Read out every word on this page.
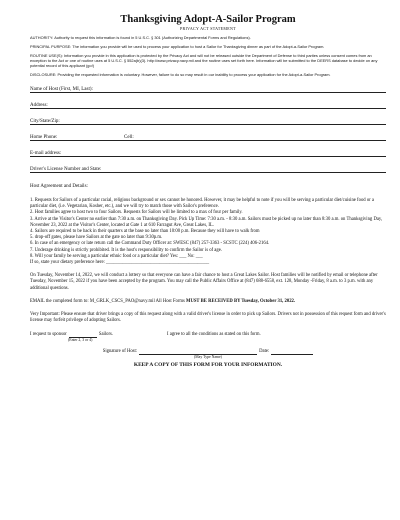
Thanksgiving Adopt-A-Sailor Program
PRIVACY ACT STATEMENT
AUTHORITY: Authority to request this information is found in 5 U.S.C. § 301 (Authorizing Departmental Forms and Regulations).
PRINCIPAL PURPOSE: The information you provide will be used to process your application to host a Sailor for Thanksgiving dinner as part of the Adopt-a-Sailor Program.
ROUTINE USE(S): Information you provide in this application is protected by the Privacy Act and will not be released outside the Department of Defense to third parties unless consent comes from an exception to the Act or one of routine uses at 5 U.S.C. § 552a(b)(3). http://www.privacy.navy.mil and the routine uses set forth here. Information will be submitted to the DEERS database to decide on any potential record of this applicant (go!)
DISCLOSURE: Providing the requested information is voluntary. However, failure to do so may result in our inability to process your application for the Adopt-a-Sailor Program.
Name of Host (First, MI, Last):
Address:
City/State/Zip:
Home Phone:	Cell:
E-mail address:
Driver's License Number and State:
Host Agreement and Details:
1. Requests for Sailors of a particular racial, religious background or sex cannot be honored. However, it may be helpful to note if you will be serving a particular diet/cuisine food or a particular diet, (i.e. Vegetarian, Kosher, etc.), and we will try to match those with Sailor's preference.
2. Host families agree to host two to four Sailors. Requests for Sailors will be limited to a max of four per family.
3. Arrive at the Visitor's Center no earlier than 7:30 a.m. on Thanksgiving Day. Pick Up Time: 7:30 a.m. - 8:30 a.m. Sailors must be picked up no later than 8:30 a.m. on Thanksgiving Day, November 23, 2022 at the Visitor's Center, located at Gate 1 at 610 Farragut Ave, Great Lakes, IL.
4. Sailors are required to be back in their quarters at the base no later than 10:00 p.m. Because they will have to walk from
5. drop-off gates, please have Sailors at the gate no later than 9:30p.m.
6. In case of an emergency or late return call the Command Duty Officer at: SWESC (847) 257-3363 - SCSTC (224) 406-2164.
7. Underage drinking is strictly prohibited. It is the host's responsibility to confirm the Sailor is of age.
8. Will your family be serving a particular ethnic food or a particular diet? Yes: ___ No: ___
If so, state your dietary preference here: ____________________________________________
On Tuesday, November 14, 2022, we will conduct a lottery so that everyone can have a fair chance to host a Great Lakes Sailor. Host families will be notified by email or telephone after Tuesday, November 15, 2022 if you have been accepted by the program. You may call the Public Affairs Office at (847) 688-6558, ext. 128, Monday -Friday, 8 a.m. to 3 p.m. with any additional questions.
EMAIL the completed form to: M_GRLK_CSCS_PAO@navy.mil All Host Forms MUST BE RECEIVED BY Tuesday, October 31, 2022.
Very Important: Please ensure that driver brings a copy of this request along with a valid driver's license in order to pick up Sailors. Drivers not in possession of this request form and driver's license may forfeit privilege of adopting Sailors.
I request to sponsor	Sailors.	I agree to all the conditions as stated on this form.
(Enter 2, 3 or 4)
Signature of Host:	Date:
(May Type Name)
KEEP A COPY OF THIS FORM FOR YOUR INFORMATION.
